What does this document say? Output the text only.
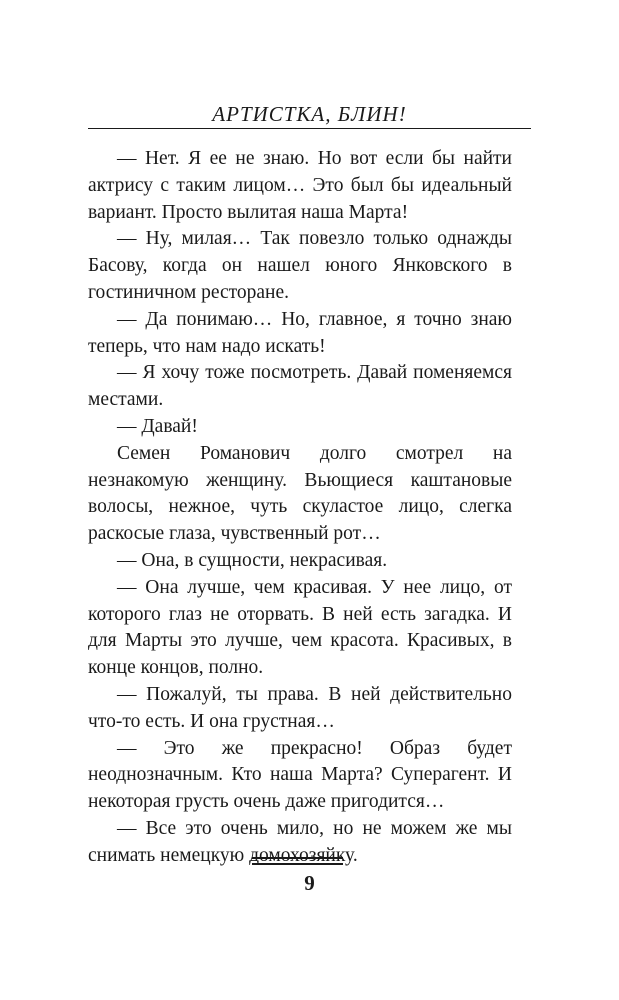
АРТИСТКА, БЛИН!

— Нет. Я ее не знаю. Но вот если бы найти актрису с таким лицом… Это был бы идеальный вариант. Просто вылитая наша Марта!

— Ну, милая… Так повезло только однажды Басову, когда он нашел юного Янковского в гостиничном ресторане.

— Да понимаю… Но, главное, я точно знаю теперь, что нам надо искать!

— Я хочу тоже посмотреть. Давай поменяемся местами.

— Давай!

Семен Романович долго смотрел на незнакомую женщину. Вьющиеся каштановые волосы, нежное, чуть скуластое лицо, слегка раскосые глаза, чувственный рот…

— Она, в сущности, некрасивая.

— Она лучше, чем красивая. У нее лицо, от которого глаз не оторвать. В ней есть загадка. И для Марты это лучше, чем красота. Красивых, в конце концов, полно.

— Пожалуй, ты права. В ней действительно что-то есть. И она грустная…

— Это же прекрасно! Образ будет неоднозначным. Кто наша Марта? Суперагент. И некоторая грусть очень даже пригодится…

— Все это очень мило, но не можем же мы снимать немецкую домохозяйку.

9
